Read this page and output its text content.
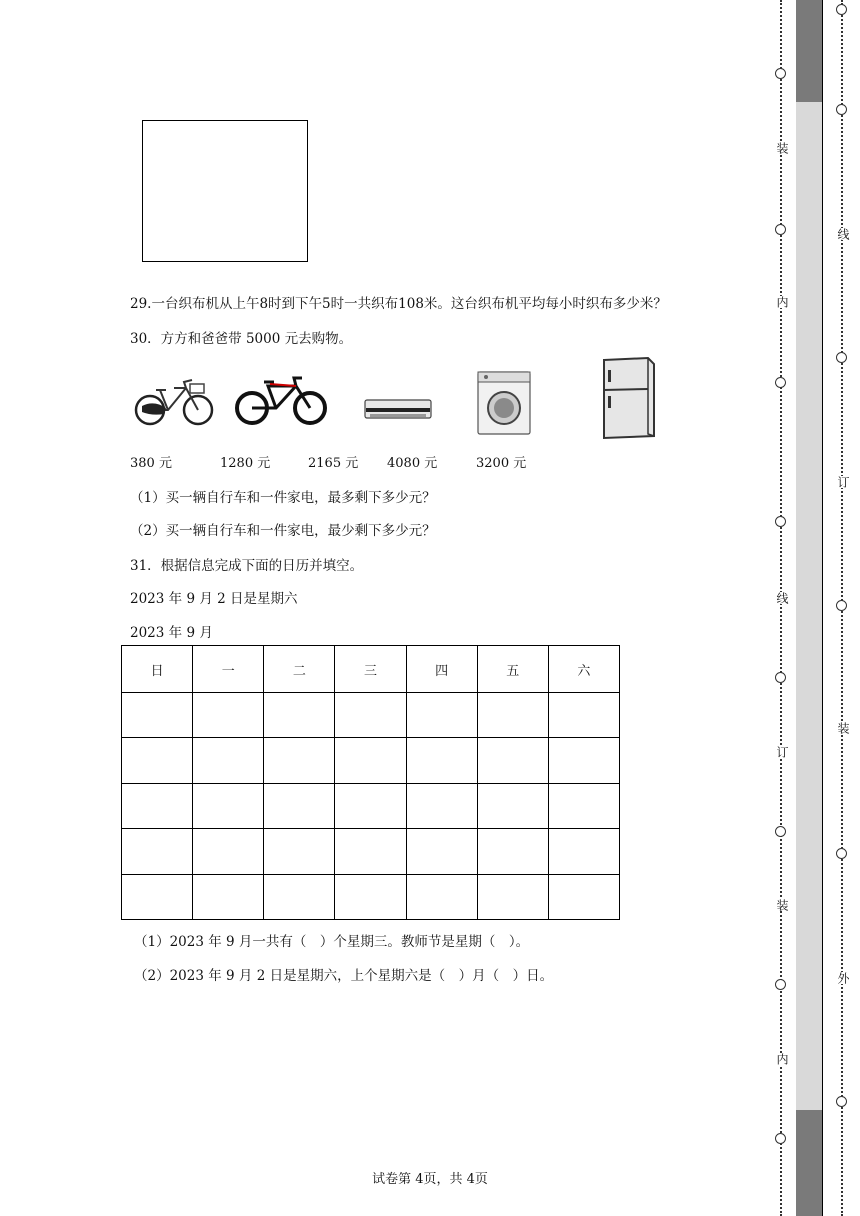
29.一台织布机从上午8时到下午5时一共织布108米。这台织布机平均每小时织布多少米？
30．方方和爸爸带 5000 元去购物。
380 元	1280 元	2165 元 4080 元	3200 元
（1）买一辆自行车和一件家电，最多剩下多少元？
（2）买一辆自行车和一件家电，最少剩下多少元？
31．根据信息完成下面的日历并填空。
2023 年 9 月 2 日是星期六
2023 年 9 月
日	一	二	三	四	五	六

（1）2023 年 9 月一共有（　）个星期三。教师节是星期（　）。
（2）2023 年 9 月 2 日是星期六，上个星期六是（　）月（　）日。
试卷第 4页，共 4页
装
内
线
订
装
内
线
订
装
外
